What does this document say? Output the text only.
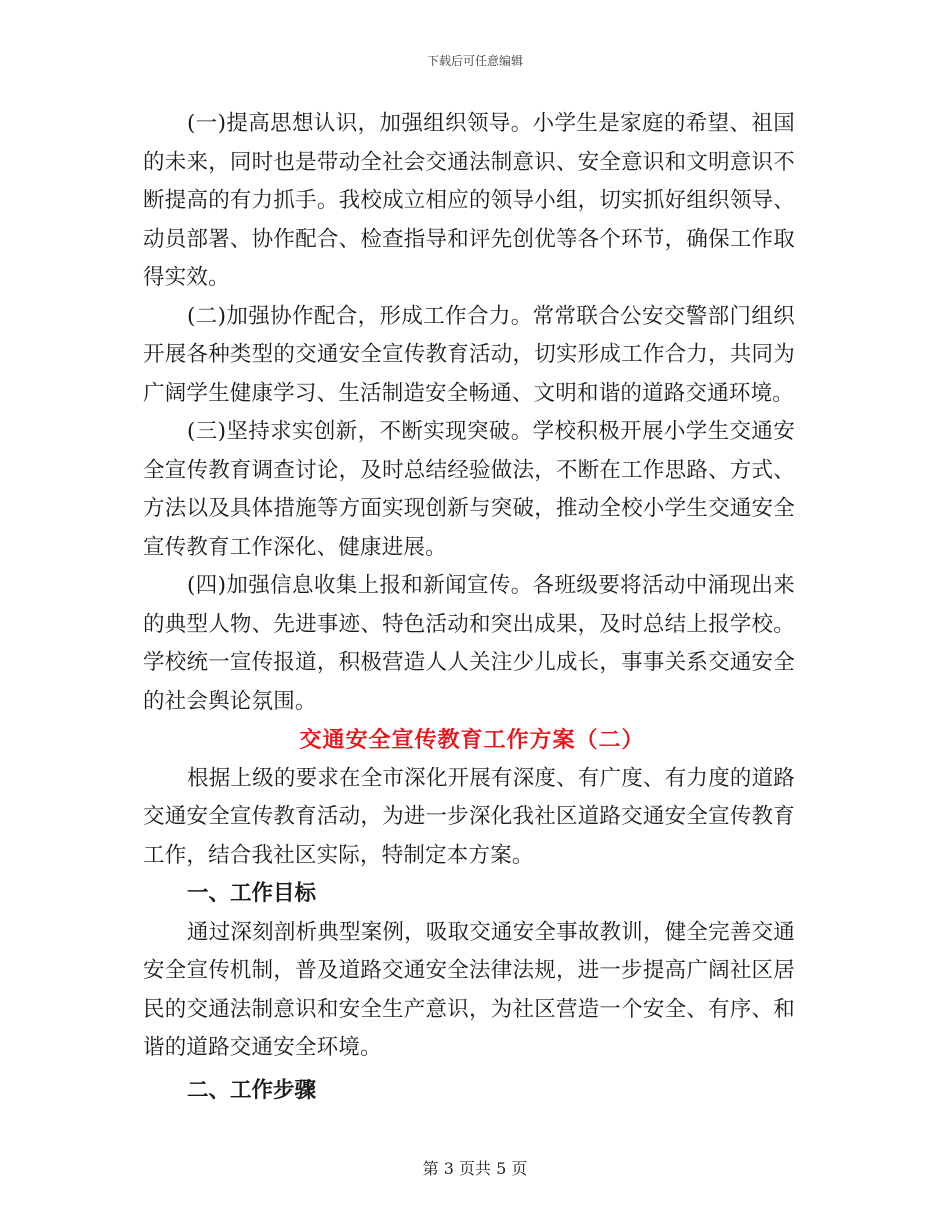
下载后可任意编辑

(一)提高思想认识，加强组织领导。小学生是家庭的希望、祖国的未来，同时也是带动全社会交通法制意识、安全意识和文明意识不断提高的有力抓手。我校成立相应的领导小组，切实抓好组织领导、动员部署、协作配合、检查指导和评先创优等各个环节，确保工作取得实效。

(二)加强协作配合，形成工作合力。常常联合公安交警部门组织开展各种类型的交通安全宣传教育活动，切实形成工作合力，共同为广阔学生健康学习、生活制造安全畅通、文明和谐的道路交通环境。

(三)坚持求实创新，不断实现突破。学校积极开展小学生交通安全宣传教育调查讨论，及时总结经验做法，不断在工作思路、方式、方法以及具体措施等方面实现创新与突破，推动全校小学生交通安全宣传教育工作深化、健康进展。

(四)加强信息收集上报和新闻宣传。各班级要将活动中涌现出来的典型人物、先进事迹、特色活动和突出成果，及时总结上报学校。学校统一宣传报道，积极营造人人关注少儿成长，事事关系交通安全的社会舆论氛围。

交通安全宣传教育工作方案（二）

根据上级的要求在全市深化开展有深度、有广度、有力度的道路交通安全宣传教育活动，为进一步深化我社区道路交通安全宣传教育工作，结合我社区实际，特制定本方案。

一、工作目标

通过深刻剖析典型案例，吸取交通安全事故教训，健全完善交通安全宣传机制，普及道路交通安全法律法规，进一步提高广阔社区居民的交通法制意识和安全生产意识，为社区营造一个安全、有序、和谐的道路交通安全环境。

二、工作步骤
第 3 页共 5 页
